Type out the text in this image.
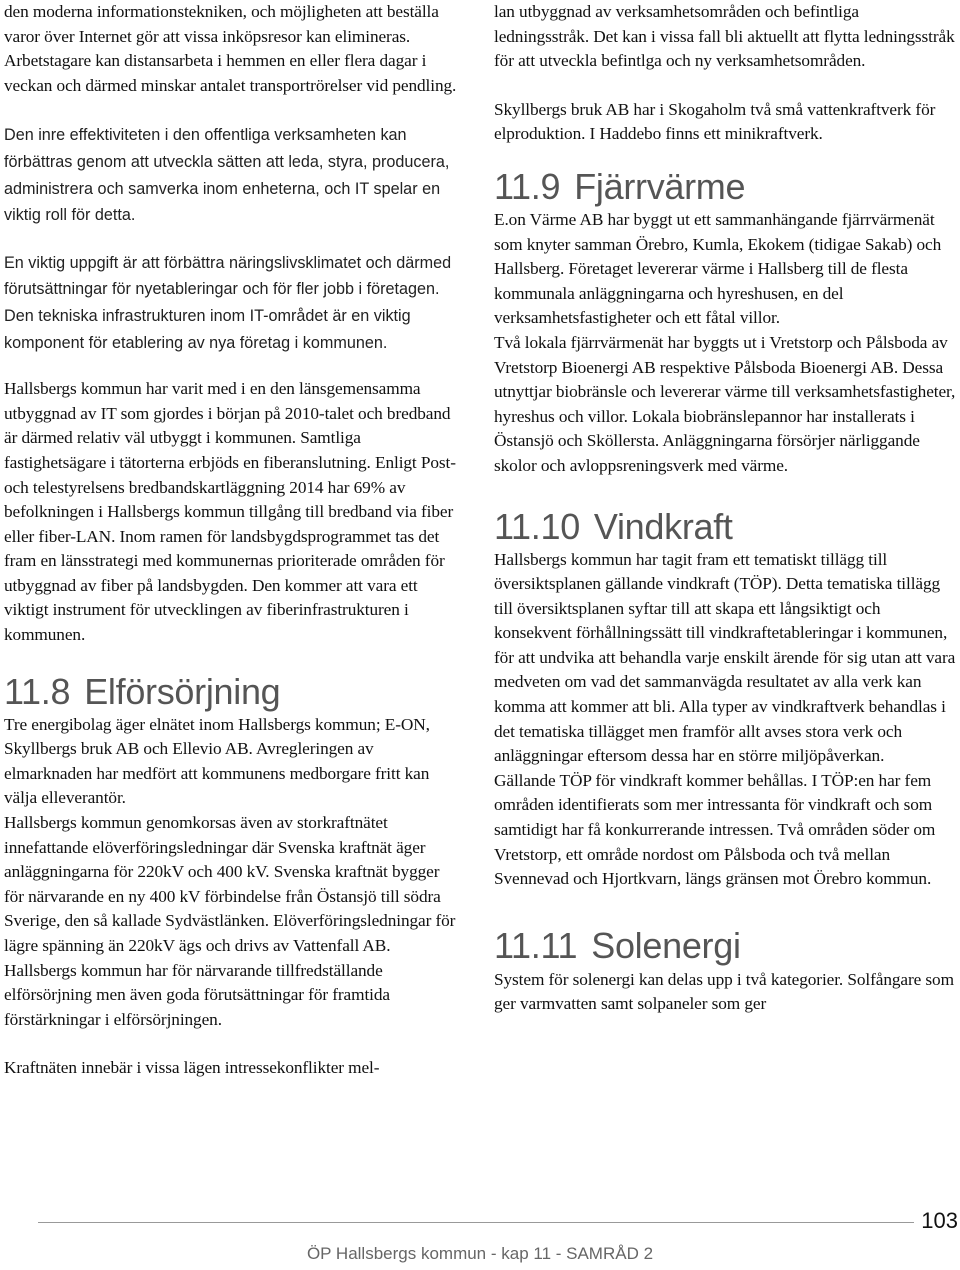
den moderna informationstekniken, och möjligheten att beställa varor över Internet gör att vissa inköpsresor kan elimineras. Arbetstagare kan distansarbeta i hemmen en eller flera dagar i veckan och därmed minskar antalet transportrörelser vid pendling.

Den inre effektiviteten i den offentliga verksamheten kan förbättras genom att utveckla sätten att leda, styra, producera, administrera och samverka inom enheterna, och IT spelar en viktig roll för detta.

En viktig uppgift är att förbättra näringslivsklimatet och därmed förutsättningar för nyetableringar och för fler jobb i företagen. Den tekniska infrastrukturen inom IT-området är en viktig komponent för etablering av nya företag i kommunen.

Hallsbergs kommun har varit med i en den länsgemensamma utbyggnad av IT som gjordes i början på 2010-talet och bredband är därmed relativ väl utbyggt i kommunen. Samtliga fastighetsägare i tätorterna erbjöds en fiberanslutning. Enligt Post- och telestyrelsens bredbandskartläggning 2014 har 69% av befolkningen i Hallsbergs kommun tillgång till bredband via fiber eller fiber-LAN. Inom ramen för landsbygdsprogrammet tas det fram en länsstrategi med kommunernas prioriterade områden för utbyggnad av fiber på landsbygden. Den kommer att vara ett viktigt instrument för utvecklingen av fiberinfrastrukturen i kommunen.

11.8 Elförsörjning

Tre energibolag äger elnätet inom Hallsbergs kommun; E-ON, Skyllbergs bruk AB och Ellevio AB. Avregleringen av elmarknaden har medfört att kommunens medborgare fritt kan välja elleverantör.

Hallsbergs kommun genomkorsas även av storkraftnätet innefattande elöverföringsledningar där Svenska kraftnät äger anläggningarna för 220kV och 400 kV. Svenska kraftnät bygger för närvarande en ny 400 kV förbindelse från Östansjö till södra Sverige, den så kallade Sydvästlänken. Elöverföringsledningar för lägre spänning än 220kV ägs och drivs av Vattenfall AB. Hallsbergs kommun har för närvarande tillfredställande elförsörjning men även goda förutsättningar för framtida förstärkningar i elförsörjningen.

Kraftnäten innebär i vissa lägen intressekonflikter mel-

lan utbyggnad av verksamhetsområden och befintliga ledningsstråk. Det kan i vissa fall bli aktuellt att flytta ledningsstråk för att utveckla befintlga och ny verksamhetsområden.

Skyllbergs bruk AB har i Skogaholm två små vattenkraftverk för elproduktion. I Haddebo finns ett minikraftverk.

11.9 Fjärrvärme

E.on Värme AB har byggt ut ett sammanhängande fjärrvärmenät som knyter samman Örebro, Kumla, Ekokem (tidigae Sakab) och Hallsberg. Företaget levererar värme i Hallsberg till de flesta kommunala anläggningarna och hyreshusen, en del verksamhetsfastigheter och ett fåtal villor.

Två lokala fjärrvärmenät har byggts ut i Vretstorp och Pålsboda av Vretstorp Bioenergi AB respektive Pålsboda Bioenergi AB. Dessa utnyttjar biobränsle och levererar värme till verksamhetsfastigheter, hyreshus och villor. Lokala biobränslepannor har installerats i Östansjö och Sköllersta. Anläggningarna försörjer närliggande skolor och avloppsreningsverk med värme.

11.10 Vindkraft

Hallsbergs kommun har tagit fram ett tematiskt tillägg till översiktsplanen gällande vindkraft (TÖP). Detta tematiska tillägg till översiktsplanen syftar till att skapa ett långsiktigt och konsekvent förhållningssätt till vindkraftetableringar i kommunen, för att undvika att behandla varje enskilt ärende för sig utan att vara medveten om vad det sammanvägda resultatet av alla verk kan komma att kommer att bli. Alla typer av vindkraftverk behandlas i det tematiska tillägget men framför allt avses stora verk och anläggningar eftersom dessa har en större miljöpåverkan.

Gällande TÖP för vindkraft kommer behållas. I TÖP:en har fem områden identifierats som mer intressanta för vindkraft och som samtidigt har få konkurrerande intressen. Två områden söder om Vretstorp, ett område nordost om Pålsboda och två mellan Svennevad och Hjortkvarn, längs gränsen mot Örebro kommun.

11.11 Solenergi

System för solenergi kan delas upp i två kategorier. Solfångare som ger varmvatten samt solpaneler som ger

103
ÖP Hallsbergs kommun - kap 11 - SAMRÅD 2
